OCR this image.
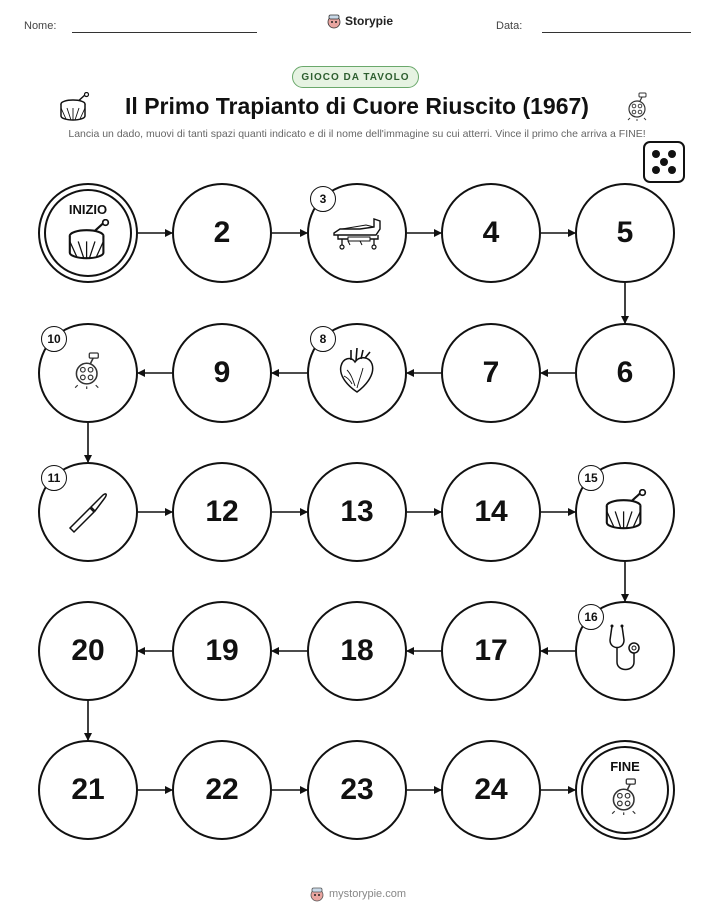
Nome:	Storypie	Data:
GIOCO DA TAVOLO
Il Primo Trapianto di Cuore Riuscito (1967)
Lancia un dado, muovi di tanti spazi quanti indicato e di il nome dell'immagine su cui atterri. Vince il primo che arriva a FINE!
INIZIO
2
3
4	5
6
7
8
9
10
11
12	13	14
15
16
17
18
19
20
21	22	23	24
FINE
mystorypie.com
